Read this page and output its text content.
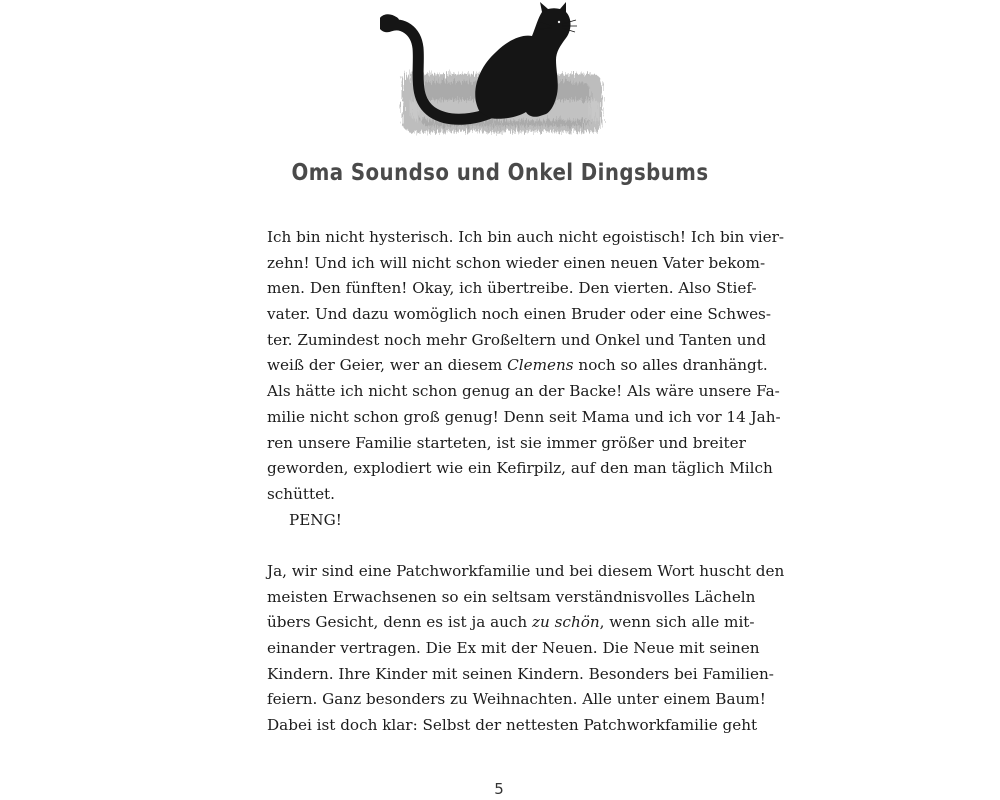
Oma Soundso und Onkel Dingsbums
Ich bin nicht hysterisch. Ich bin auch nicht egoistisch! Ich bin vier-
zehn! Und ich will nicht schon wieder einen neuen Vater bekom-
men. Den fünften! Okay, ich übertreibe. Den vierten. Also Stief-
vater. Und dazu womöglich noch einen Bruder oder eine Schwes-
ter. Zumindest noch mehr Großeltern und Onkel und Tanten und
weiß der Geier, wer an diesem Clemens noch so alles dranhängt.
Als hätte ich nicht schon genug an der Backe! Als wäre unsere Fa-
milie nicht schon groß genug! Denn seit Mama und ich vor 14 Jah-
ren unsere Familie starteten, ist sie immer größer und breiter
geworden, explodiert wie ein Kefirpilz, auf den man täglich Milch
schüttet.
PENG!
Ja, wir sind eine Patchworkfamilie und bei diesem Wort huscht den
meisten Erwachsenen so ein seltsam verständnisvolles Lächeln
übers Gesicht, denn es ist ja auch zu schön, wenn sich alle mit-
einander vertragen. Die Ex mit der Neuen. Die Neue mit seinen
Kindern. Ihre Kinder mit seinen Kindern. Besonders bei Familien-
feiern. Ganz besonders zu Weihnachten. Alle unter einem Baum!
Dabei ist doch klar: Selbst der nettesten Patchworkfamilie geht
5
